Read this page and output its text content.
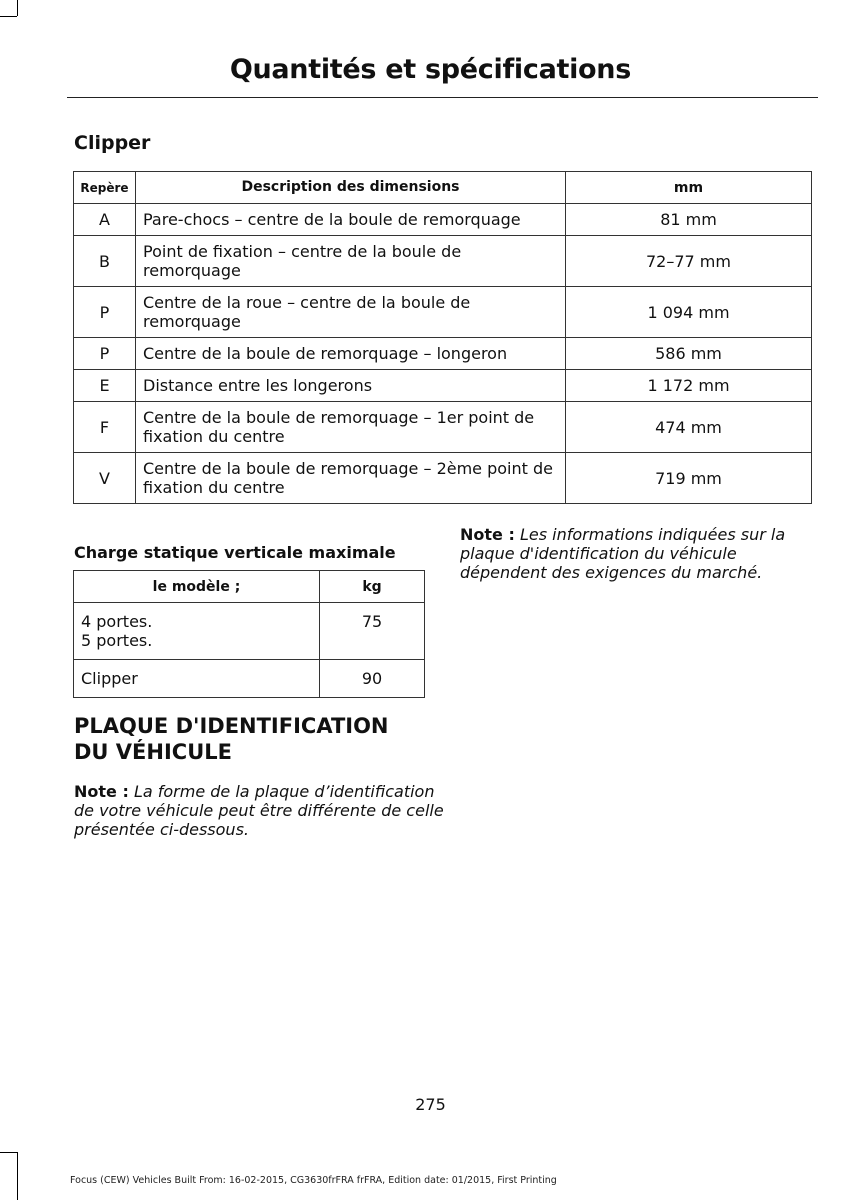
Quantités et spécifications
Clipper
Repère	Description des dimensions	mm
A	Pare-chocs – centre de la boule de remorquage	81 mm
B	Point de fixation – centre de la boule de remorquage	72–77 mm
P	Centre de la roue – centre de la boule de remorquage	1 094 mm
P	Centre de la boule de remorquage – longeron	586 mm
E	Distance entre les longerons	1 172 mm
F	Centre de la boule de remorquage – 1er point de fixation du centre	474 mm
V	Centre de la boule de remorquage – 2ème point de fixation du centre	719 mm
Charge statique verticale maximale
le modèle ;	kg

4 portes.
5 portes.	75

Clipper	90
PLAQUE D'IDENTIFICATION
DU VÉHICULE
Note : La forme de la plaque d’identification de votre véhicule peut être différente de celle présentée ci-dessous.
Note : Les informations indiquées sur la plaque d'identification du véhicule dépendent des exigences du marché.
275
Focus (CEW) Vehicles Built From: 16-02-2015, CG3630frFRA frFRA, Edition date: 01/2015, First Printing
